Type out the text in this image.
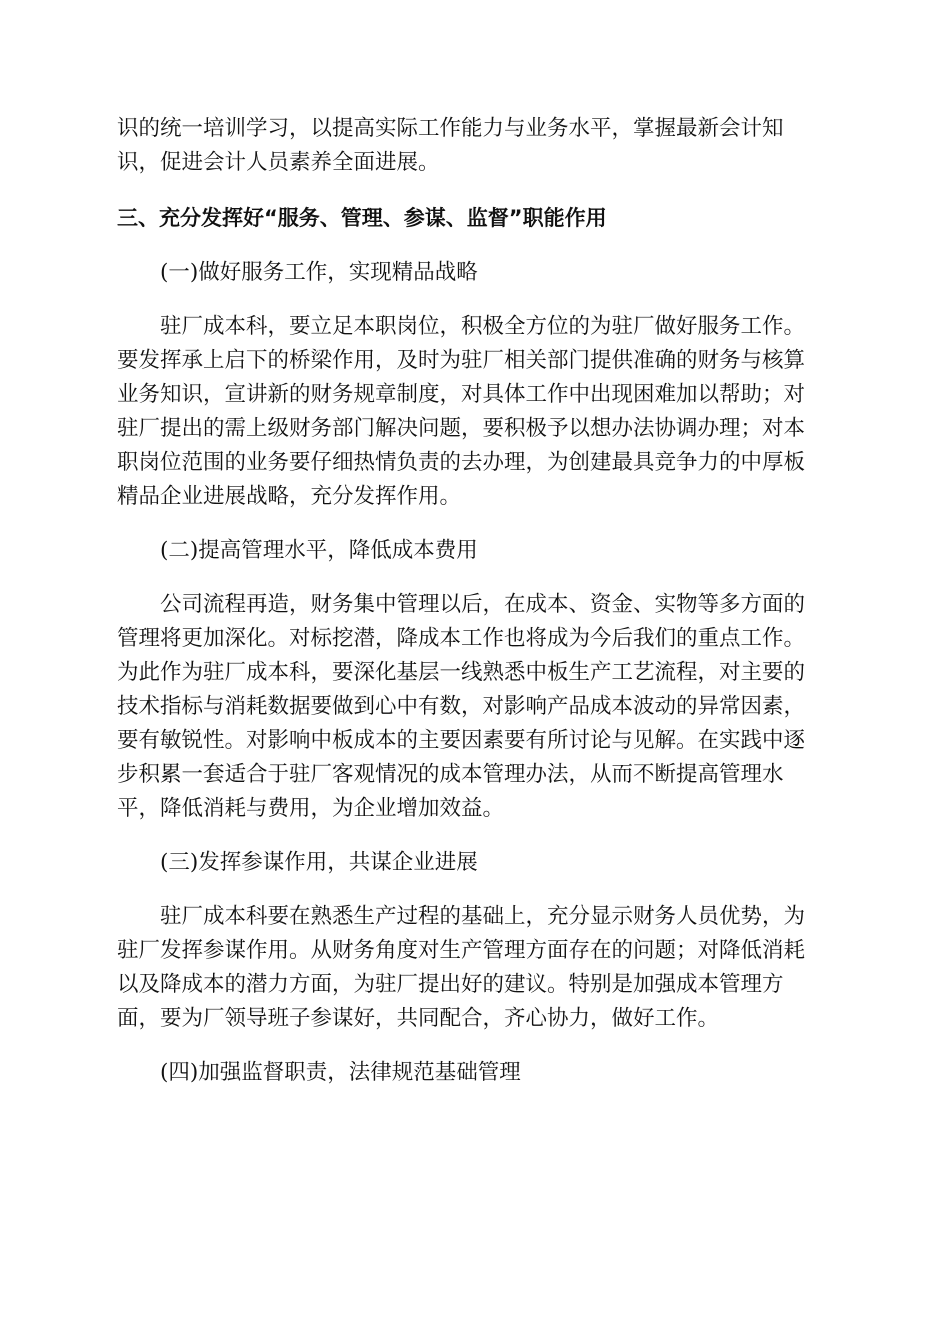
识的统一培训学习，以提高实际工作能力与业务水平，掌握最新会计知
识，促进会计人员素养全面进展。
三、充分发挥好“服务、管理、参谋、监督”职能作用
(一)做好服务工作，实现精品战略
驻厂成本科，要立足本职岗位，积极全方位的为驻厂做好服务工作。
要发挥承上启下的桥梁作用，及时为驻厂相关部门提供准确的财务与核算
业务知识，宣讲新的财务规章制度，对具体工作中出现困难加以帮助；对
驻厂提出的需上级财务部门解决问题，要积极予以想办法协调办理；对本
职岗位范围的业务要仔细热情负责的去办理，为创建最具竞争力的中厚板
精品企业进展战略，充分发挥作用。
(二)提高管理水平，降低成本费用
公司流程再造，财务集中管理以后，在成本、资金、实物等多方面的
管理将更加深化。对标挖潜，降成本工作也将成为今后我们的重点工作。
为此作为驻厂成本科，要深化基层一线熟悉中板生产工艺流程，对主要的
技术指标与消耗数据要做到心中有数，对影响产品成本波动的异常因素，
要有敏锐性。对影响中板成本的主要因素要有所讨论与见解。在实践中逐
步积累一套适合于驻厂客观情况的成本管理办法，从而不断提高管理水
平，降低消耗与费用，为企业增加效益。
(三)发挥参谋作用，共谋企业进展
驻厂成本科要在熟悉生产过程的基础上，充分显示财务人员优势，为
驻厂发挥参谋作用。从财务角度对生产管理方面存在的问题；对降低消耗
以及降成本的潜力方面，为驻厂提出好的建议。特别是加强成本管理方
面，要为厂领导班子参谋好，共同配合，齐心协力，做好工作。
(四)加强监督职责，法律规范基础管理
